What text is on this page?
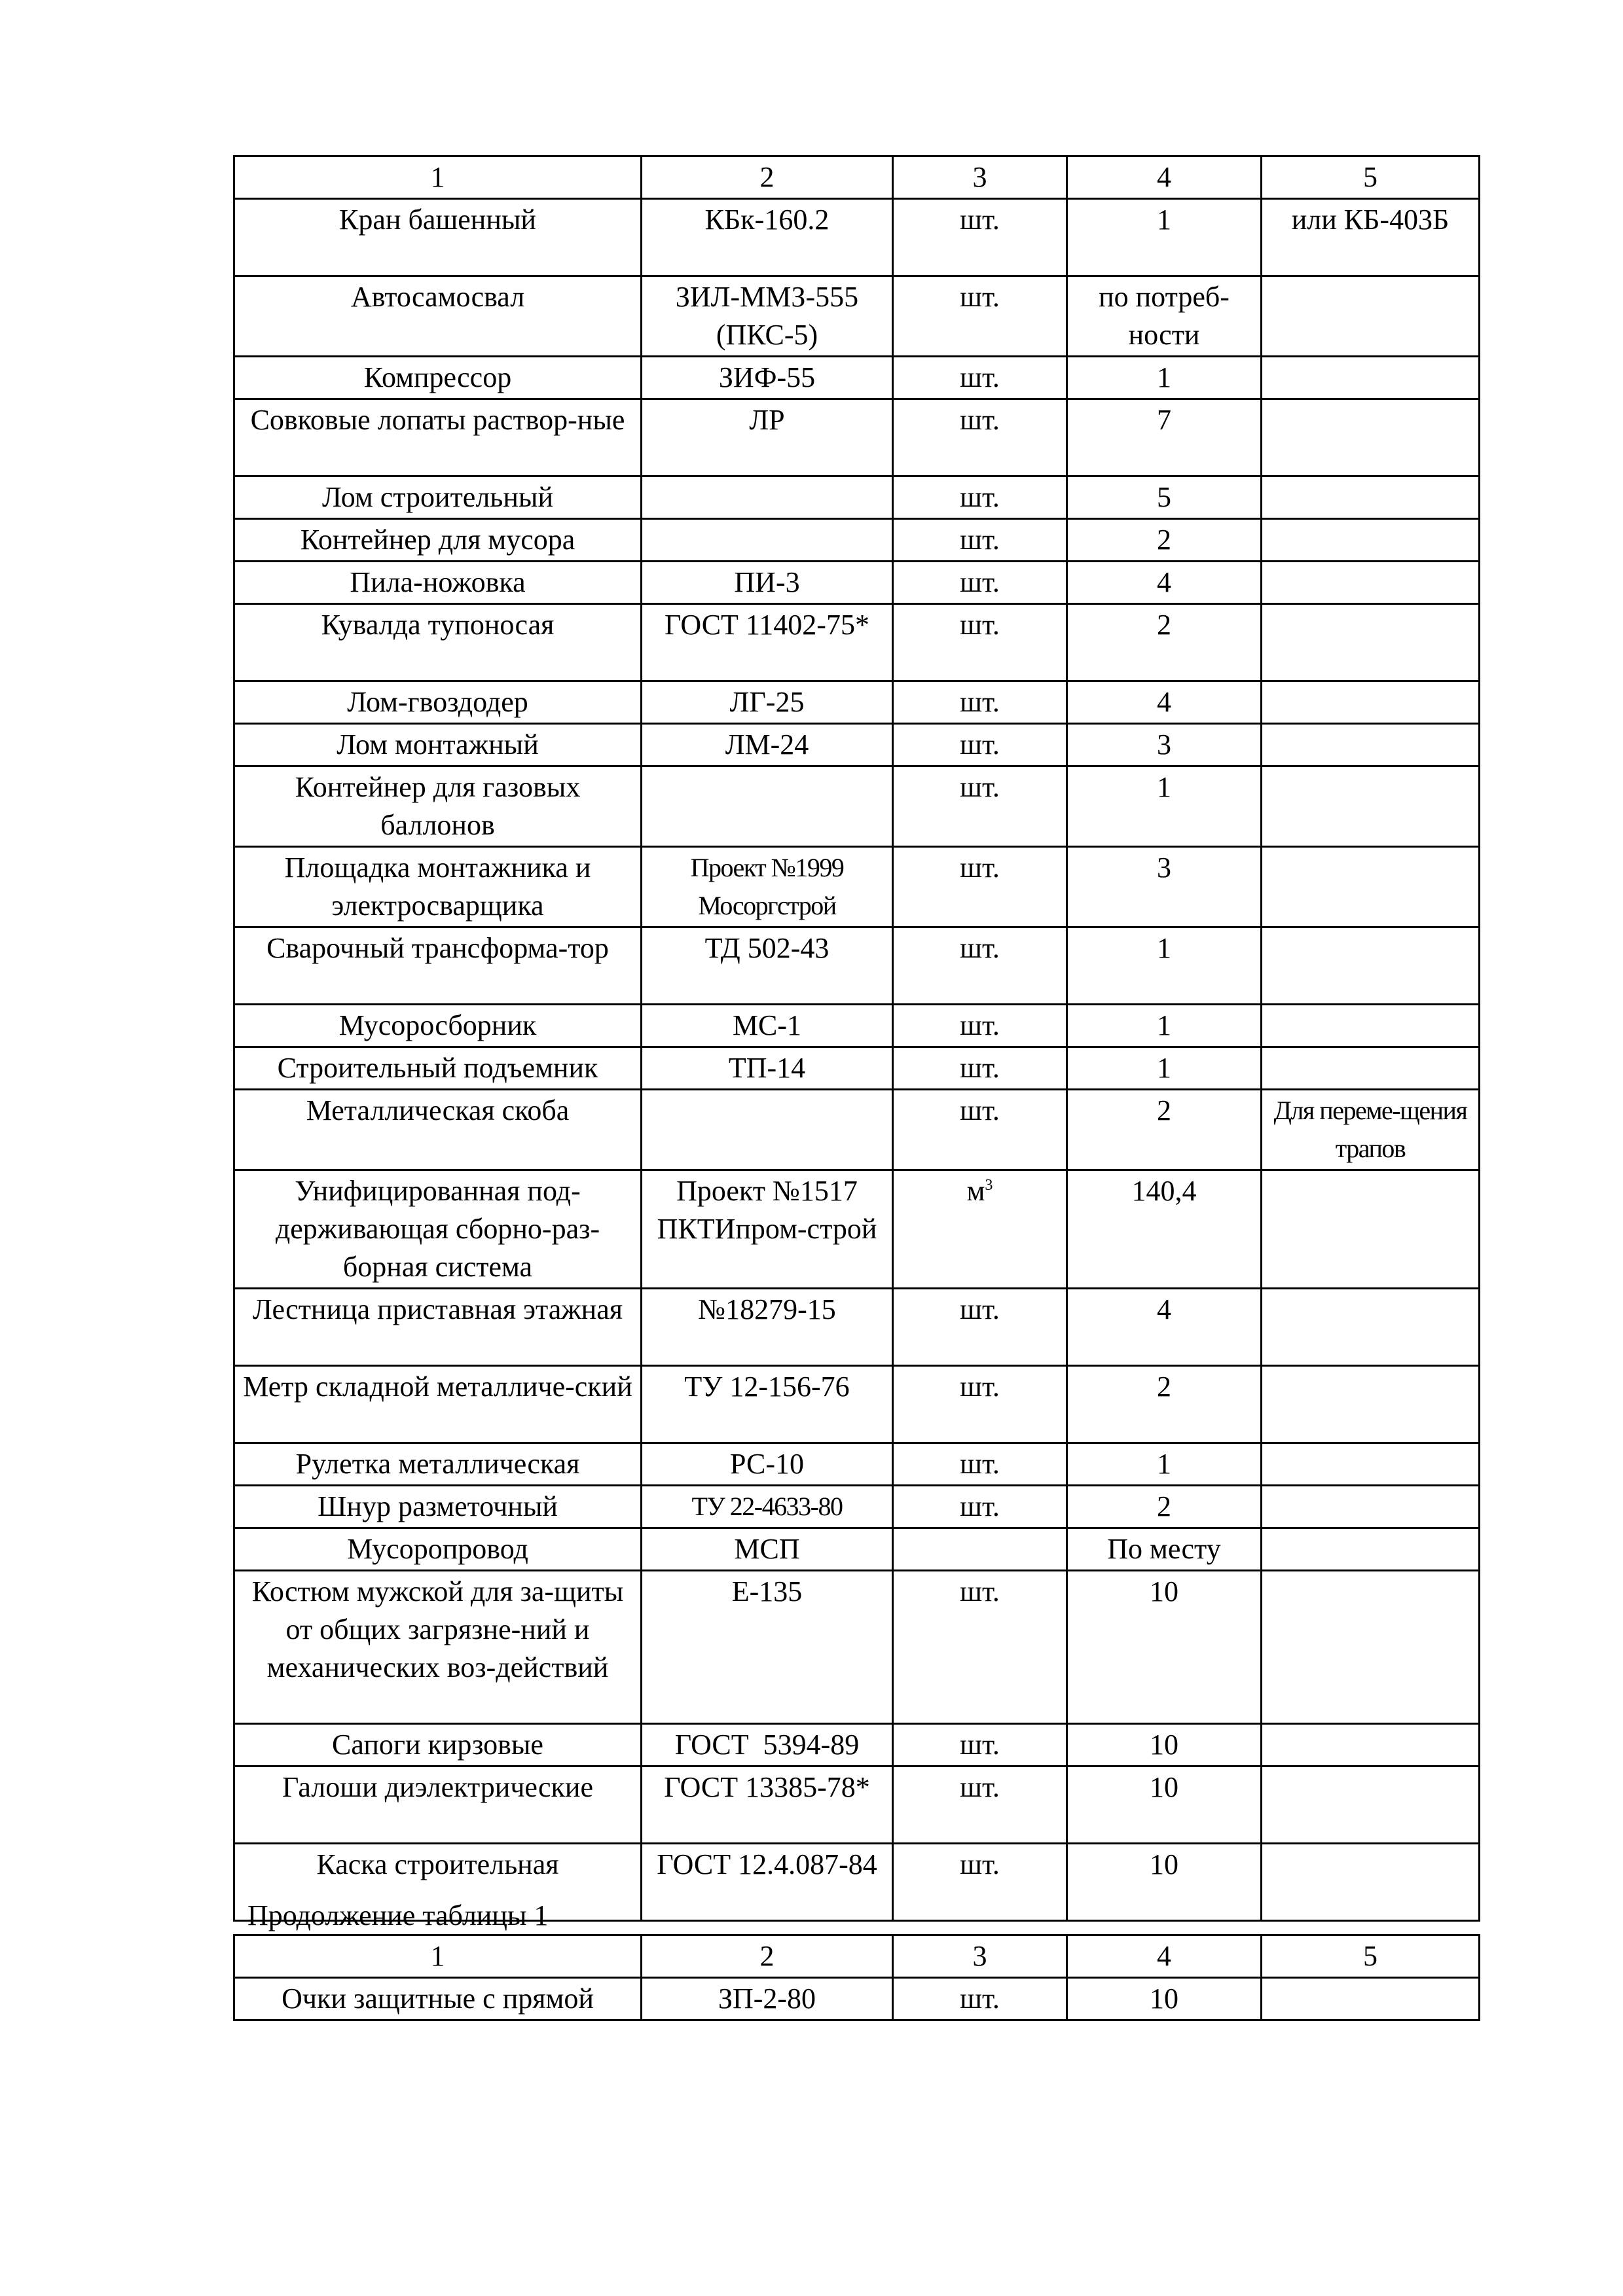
1	2	3	4	5
Кран башенный	КБк-160.2	шт.	1	или КБ-403Б
Автосамосвал	ЗИЛ-ММЗ-555 (ПКС-5)	шт.	по потреб-ности	
Компрессор	ЗИФ-55	шт.	1	
Совковые лопаты раствор-ные	ЛР	шт.	7	
Лом строительный		шт.	5	
Контейнер для мусора		шт.	2	
Пила-ножовка	ПИ-3	шт.	4	
Кувалда тупоносая	ГОСТ 11402-75*	шт.	2	
Лом-гвоздодер	ЛГ-25	шт.	4	
Лом монтажный	ЛМ-24	шт.	3	
Контейнер для газовых баллонов		шт.	1	
Площадка монтажника и электросварщика	Проект №1999 Мосоргстрой	шт.	3	
Сварочный трансформа-тор	ТД 502-43	шт.	1	
Мусоросборник	МС-1	шт.	1	
Строительный подъемник	ТП-14	шт.	1	
Металлическая скоба		шт.	2	Для переме-щения трапов
Унифицированная под-держивающая сборно-раз-борная система	Проект №1517 ПКТИпром-строй	$м^3$	140,4	
Лестница приставная этажная	№18279-15	шт.	4	
Метр складной металличе-ский	ТУ 12-156-76	шт.	2	
Рулетка металлическая	РС-10	шт.	1	
Шнур разметочный	ТУ 22-4633-80	шт.	2	
Мусоропровод	МСП		По месту	
Костюм мужской для за-щиты от общих загрязне-ний и механических воз-действий	Е-135	шт.	10	
Сапоги кирзовые	ГОСТ  5394-89	шт.	10	
Галоши диэлектрические	ГОСТ 13385-78*	шт.	10	
Каска строительная	ГОСТ 12.4.087-84	шт.	10	
Продолжение таблицы 1
1	2	3	4	5
Очки защитные с прямой	ЗП-2-80	шт.	10	
